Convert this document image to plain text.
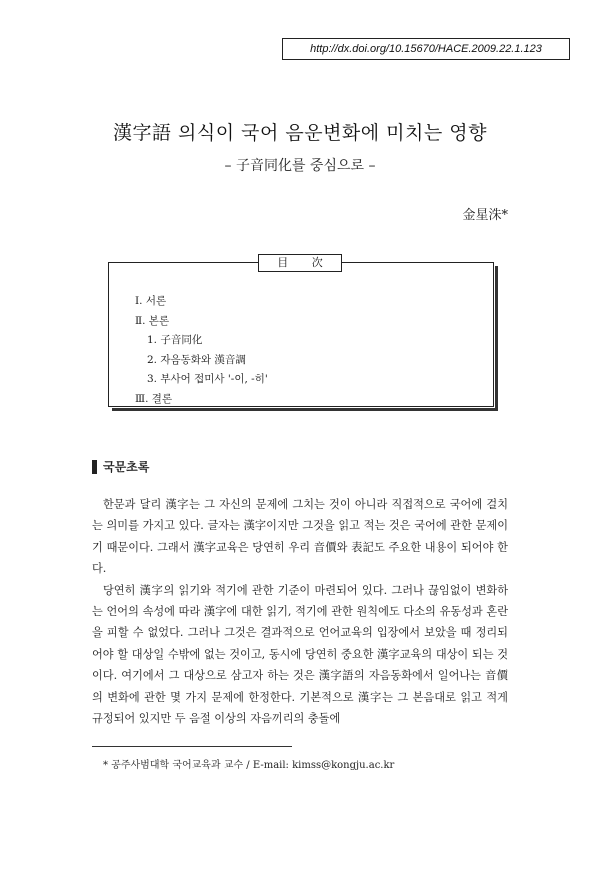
http://dx.doi.org/10.15670/HACE.2009.22.1.123
漢字語 의식이 국어 음운변화에 미치는 영향
– 子音同化를 중심으로 –
金星洙*
目 次
Ⅰ. 서론
Ⅱ. 본론
1. 子音同化
2. 자음동화와 漢音調
3. 부사어 접미사 '-이, -히'
Ⅲ. 결론
국문초록

한문과 달리 漢字는 그 자신의 문제에 그치는 것이 아니라 직접적으로 국어에 걸치는 의미를 가지고 있다. 글자는 漢字이지만 그것을 읽고 적는 것은 국어에 관한 문제이기 때문이다. 그래서 漢字교육은 당연히 우리 音價와 表記도 주요한 내용이 되어야 한다.

당연히 漢字의 읽기와 적기에 관한 기준이 마련되어 있다. 그러나 끊임없이 변화하는 언어의 속성에 따라 漢字에 대한 읽기, 적기에 관한 원칙에도 다소의 유동성과 혼란을 피할 수 없었다. 그러나 그것은 결과적으로 언어교육의 입장에서 보았을 때 정리되어야 할 대상일 수밖에 없는 것이고, 동시에 당연히 중요한 漢字교육의 대상이 되는 것이다. 여기에서 그 대상으로 삼고자 하는 것은 漢字語의 자음동화에서 일어나는 音價의 변화에 관한 몇 가지 문제에 한정한다. 기본적으로 漢字는 그 본음대로 읽고 적게 규정되어 있지만 두 음절 이상의 자음끼리의 충돌에

* 공주사범대학 국어교육과 교수 / E-mail: kimss@kongju.ac.kr
